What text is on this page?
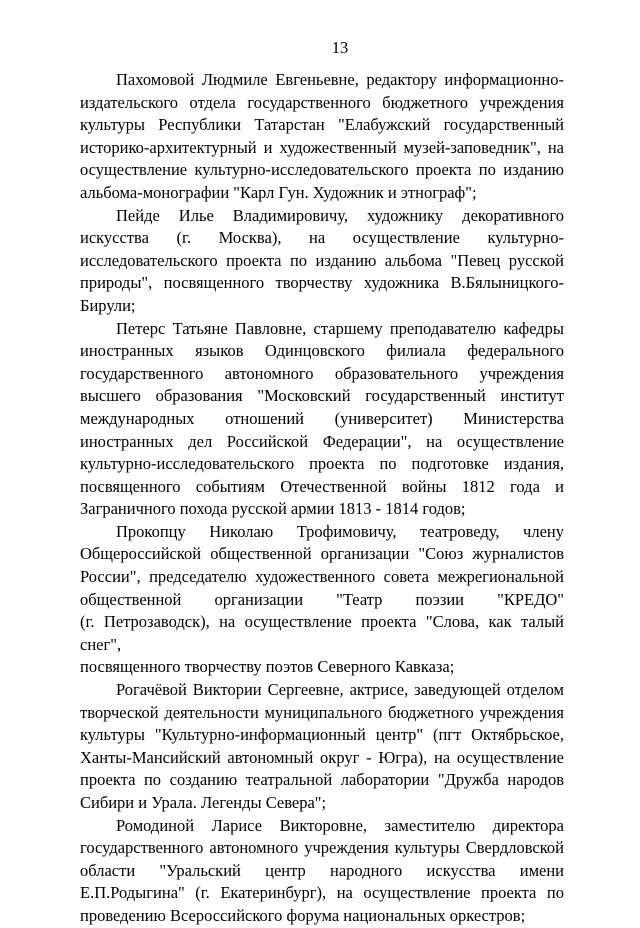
13
Пахомовой Людмиле Евгеньевне, редактору информационно-
издательского отдела государственного бюджетного учреждения
культуры Республики Татарстан "Елабужский государственный
историко-архитектурный и художественный музей-заповедник", на
осуществление культурно-исследовательского проекта по изданию
альбома-монографии "Карл Гун. Художник и этнограф";
Пейде Илье Владимировичу, художнику декоративного
искусства (г. Москва), на осуществление культурно-
исследовательского проекта по изданию альбома "Певец русской
природы", посвященного творчеству художника В.Бялыницкого-
Бирули;
Петерс Татьяне Павловне, старшему преподавателю кафедры
иностранных языков Одинцовского филиала федерального
государственного автономного образовательного учреждения
высшего образования "Московский государственный институт
международных отношений (университет) Министерства
иностранных дел Российской Федерации", на осуществление
культурно-исследовательского проекта по подготовке издания,
посвященного событиям Отечественной войны 1812 года и
Заграничного похода русской армии 1813 - 1814 годов;
Прокопцу Николаю Трофимовичу, театроведу, члену
Общероссийской общественной организации "Союз журналистов
России", председателю художественного совета межрегиональной
общественной организации "Театр поэзии "КРЕДО"
(г. Петрозаводск), на осуществление проекта "Слова, как талый снег",
посвященного творчеству поэтов Северного Кавказа;
Рогачёвой Виктории Сергеевне, актрисе, заведующей отделом
творческой деятельности муниципального бюджетного учреждения
культуры "Культурно-информационный центр" (пгт Октябрьское,
Ханты-Мансийский автономный округ - Югра), на осуществление
проекта по созданию театральной лаборатории "Дружба народов
Сибири и Урала. Легенды Севера";
Ромодиной Ларисе Викторовне, заместителю директора
государственного автономного учреждения культуры Свердловской
области "Уральский центр народного искусства имени
Е.П.Родыгина" (г. Екатеринбург), на осуществление проекта по
проведению Всероссийского форума национальных оркестров;
